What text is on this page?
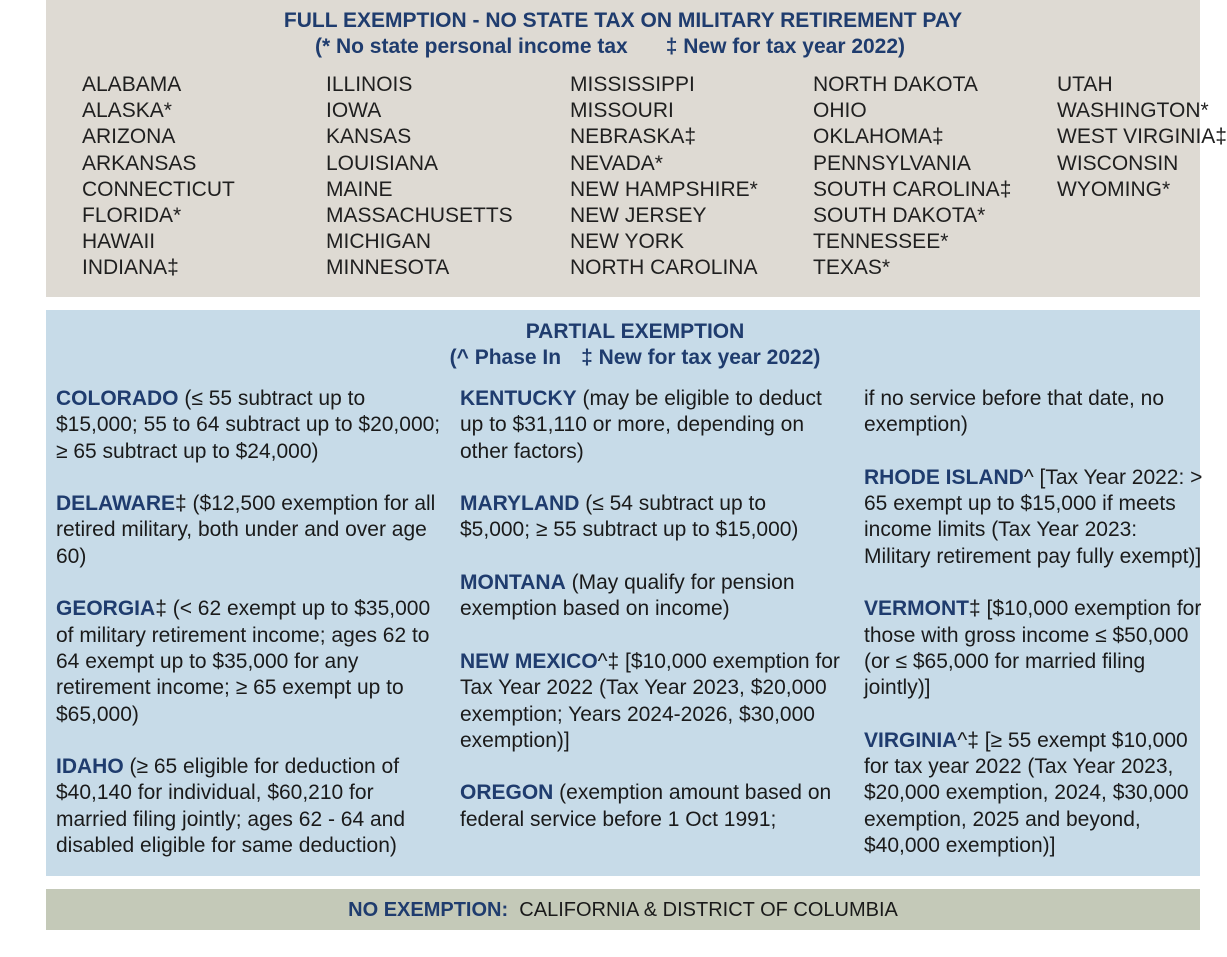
FULL EXEMPTION - NO STATE TAX ON MILITARY RETIREMENT PAY
(* No state personal income tax ‡ New for tax year 2022)
ALABAMA
ALASKA*
ARIZONA
ARKANSAS
CONNECTICUT
FLORIDA*
HAWAII
INDIANA‡
ILLINOIS
IOWA
KANSAS
LOUISIANA
MAINE
MASSACHUSETTS
MICHIGAN
MINNESOTA
MISSISSIPPI
MISSOURI
NEBRASKA‡
NEVADA*
NEW HAMPSHIRE*
NEW JERSEY
NEW YORK
NORTH CAROLINA
NORTH DAKOTA
OHIO
OKLAHOMA‡
PENNSYLVANIA
SOUTH CAROLINA‡
SOUTH DAKOTA*
TENNESSEE*
TEXAS*
UTAH
WASHINGTON*
WEST VIRGINIA‡
WISCONSIN
WYOMING*
PARTIAL EXEMPTION
(^ Phase In ‡ New for tax year 2022)

COLORADO (≤ 55 subtract up to $15,000; 55 to 64 subtract up to $20,000; ≥ 65 subtract up to $24,000)

DELAWARE‡ ($12,500 exemption for all retired military, both under and over age 60)

GEORGIA‡ (< 62 exempt up to $35,000 of military retirement income; ages 62 to 64 exempt up to $35,000 for any retirement income; ≥ 65 exempt up to $65,000)

IDAHO (≥ 65 eligible for deduction of $40,140 for individual, $60,210 for married filing jointly; ages 62 - 64 and disabled eligible for same deduction)

KENTUCKY (may be eligible to deduct up to $31,110 or more, depending on other factors)

MARYLAND (≤ 54 subtract up to $5,000; ≥ 55 subtract up to $15,000)

MONTANA (May qualify for pension exemption based on income)

NEW MEXICO^‡ [$10,000 exemption for Tax Year 2022 (Tax Year 2023, $20,000 exemption; Years 2024-2026, $30,000 exemption)]

OREGON (exemption amount based on federal service before 1 Oct 1991;

if no service before that date, no exemption)

RHODE ISLAND^ [Tax Year 2022: > 65 exempt up to $15,000 if meets income limits (Tax Year 2023: Military retirement pay fully exempt)]

VERMONT‡ [$10,000 exemption for those with gross income ≤ $50,000 (or ≤ $65,000 for married filing jointly)]

VIRGINIA^‡ [≥ 55 exempt $10,000 for tax year 2022 (Tax Year 2023, $20,000 exemption, 2024, $30,000 exemption, 2025 and beyond, $40,000 exemption)]

NO EXEMPTION: CALIFORNIA & DISTRICT OF COLUMBIA
